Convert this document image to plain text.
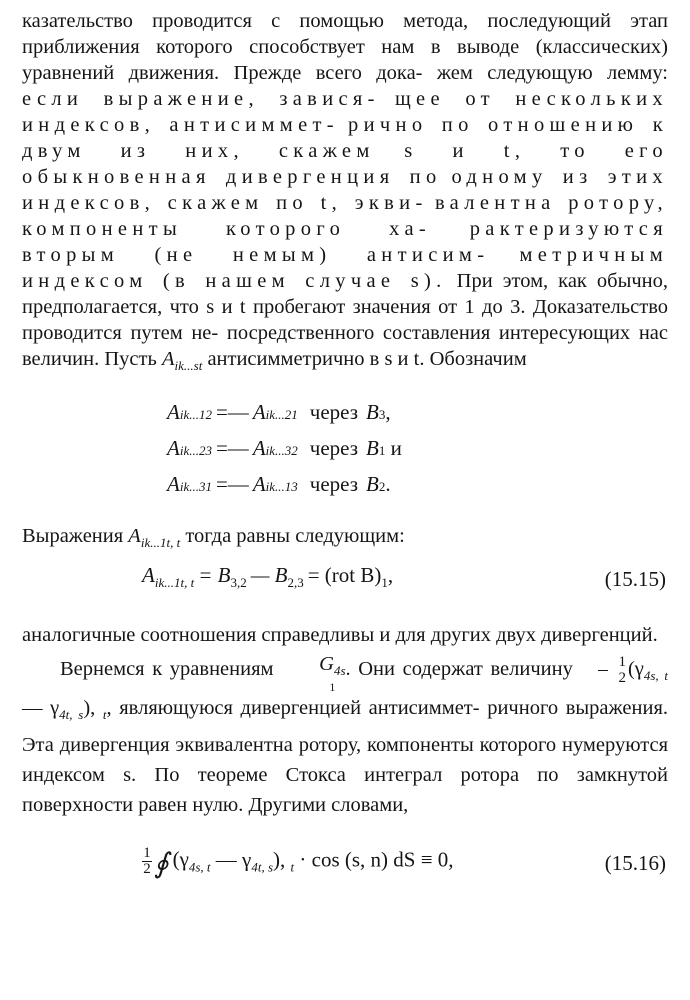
казательство проводится с помощью метода, последующий этап приближения которого способствует нам в выводе (классических) уравнений движения. Прежде всего дока- жем следующую лемму: если выражение, завися- щее от нескольких индексов, антисиммет- рично по отношению к двум из них, скажем s и t, то его обыкновенная дивергенция по одному из этих индексов, скажем по t, экви- валентна ротору, компоненты которого ха- рактеризуются вторым (не немым) антисим- метричным индексом (в нашем случае s). При этом, как обычно, предполагается, что s и t пробегают значения от 1 до 3. Доказательство проводится путем не- посредственного составления интересующих нас величин. Пусть $A_{ik...st}$ антисимметрично в s и t. Обозначим

A ik...12 =— A ik...21 через B 3 ,
A ik...23 =— A ik...32 через B 1 и
A ik...31 =— A ik...13 через B 2 .

Выражения $A_{ik...1t, t}$ тогда равны следующим:

$A_{ik...1t, t} = B_{3,2}$ — $B_{2,3} = (rot$ $B)_1$,	(15.15)

аналогичные соотношения справедливы и для других двух дивергенций.

Вернемся к уравнениям	$G_{4s}$
1
. Они содержат величину $\frac{1}{2} (\gamma_{4s, t}$ — $\gamma_{4t, s}$), $_t$, являющуюся дивергенцией антисиммет- ричного выражения. Эта дивергенция эквивалентна ротору, компоненты которого нумеруются индексом s. По теореме Стокса интеграл ротора по замкнутой поверхности равен нулю. Другими словами,

$\frac{1}{2}$ ∮ ($\gamma_{4s, t}$ — $\gamma_{4t, s}$), $_t$ · cos (s, n) dS ≡ 0,	(15.16)
